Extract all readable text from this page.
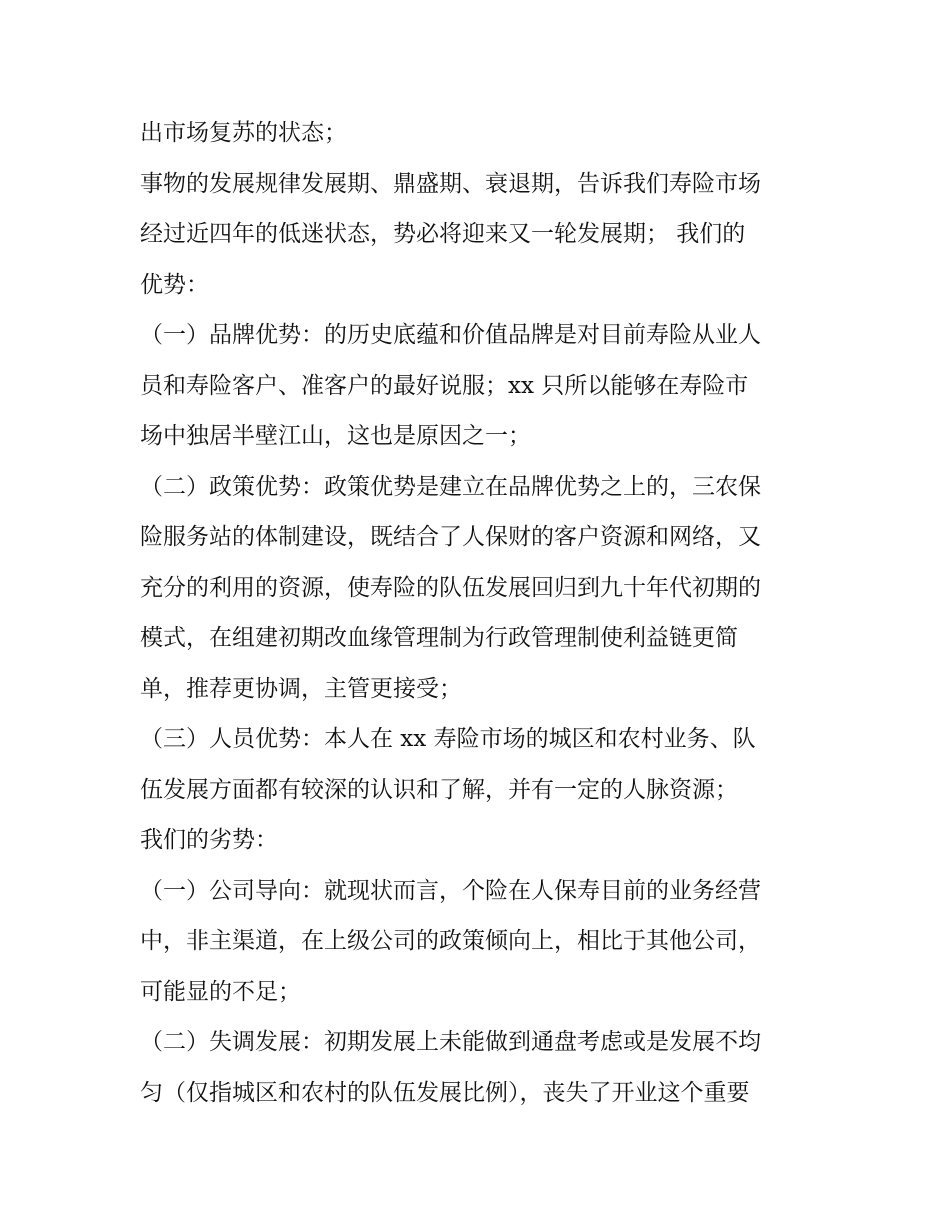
出市场复苏的状态；
事物的发展规律发展期、鼎盛期、衰退期，告诉我们寿险市场
经过近四年的低迷状态，势必将迎来又一轮发展期； 我们的
优势：
（一）品牌优势：的历史底蕴和价值品牌是对目前寿险从业人
员和寿险客户、准客户的最好说服；xx 只所以能够在寿险市
场中独居半壁江山，这也是原因之一；
（二）政策优势：政策优势是建立在品牌优势之上的，三农保
险服务站的体制建设，既结合了人保财的客户资源和网络，又
充分的利用的资源，使寿险的队伍发展回归到九十年代初期的
模式，在组建初期改血缘管理制为行政管理制使利益链更简
单，推荐更协调，主管更接受；
（三）人员优势：本人在 xx 寿险市场的城区和农村业务、队
伍发展方面都有较深的认识和了解，并有一定的人脉资源；
我们的劣势：
（一）公司导向：就现状而言，个险在人保寿目前的业务经营
中，非主渠道，在上级公司的政策倾向上，相比于其他公司，
可能显的不足；
（二）失调发展：初期发展上未能做到通盘考虑或是发展不均
匀（仅指城区和农村的队伍发展比例），丧失了开业这个重要
